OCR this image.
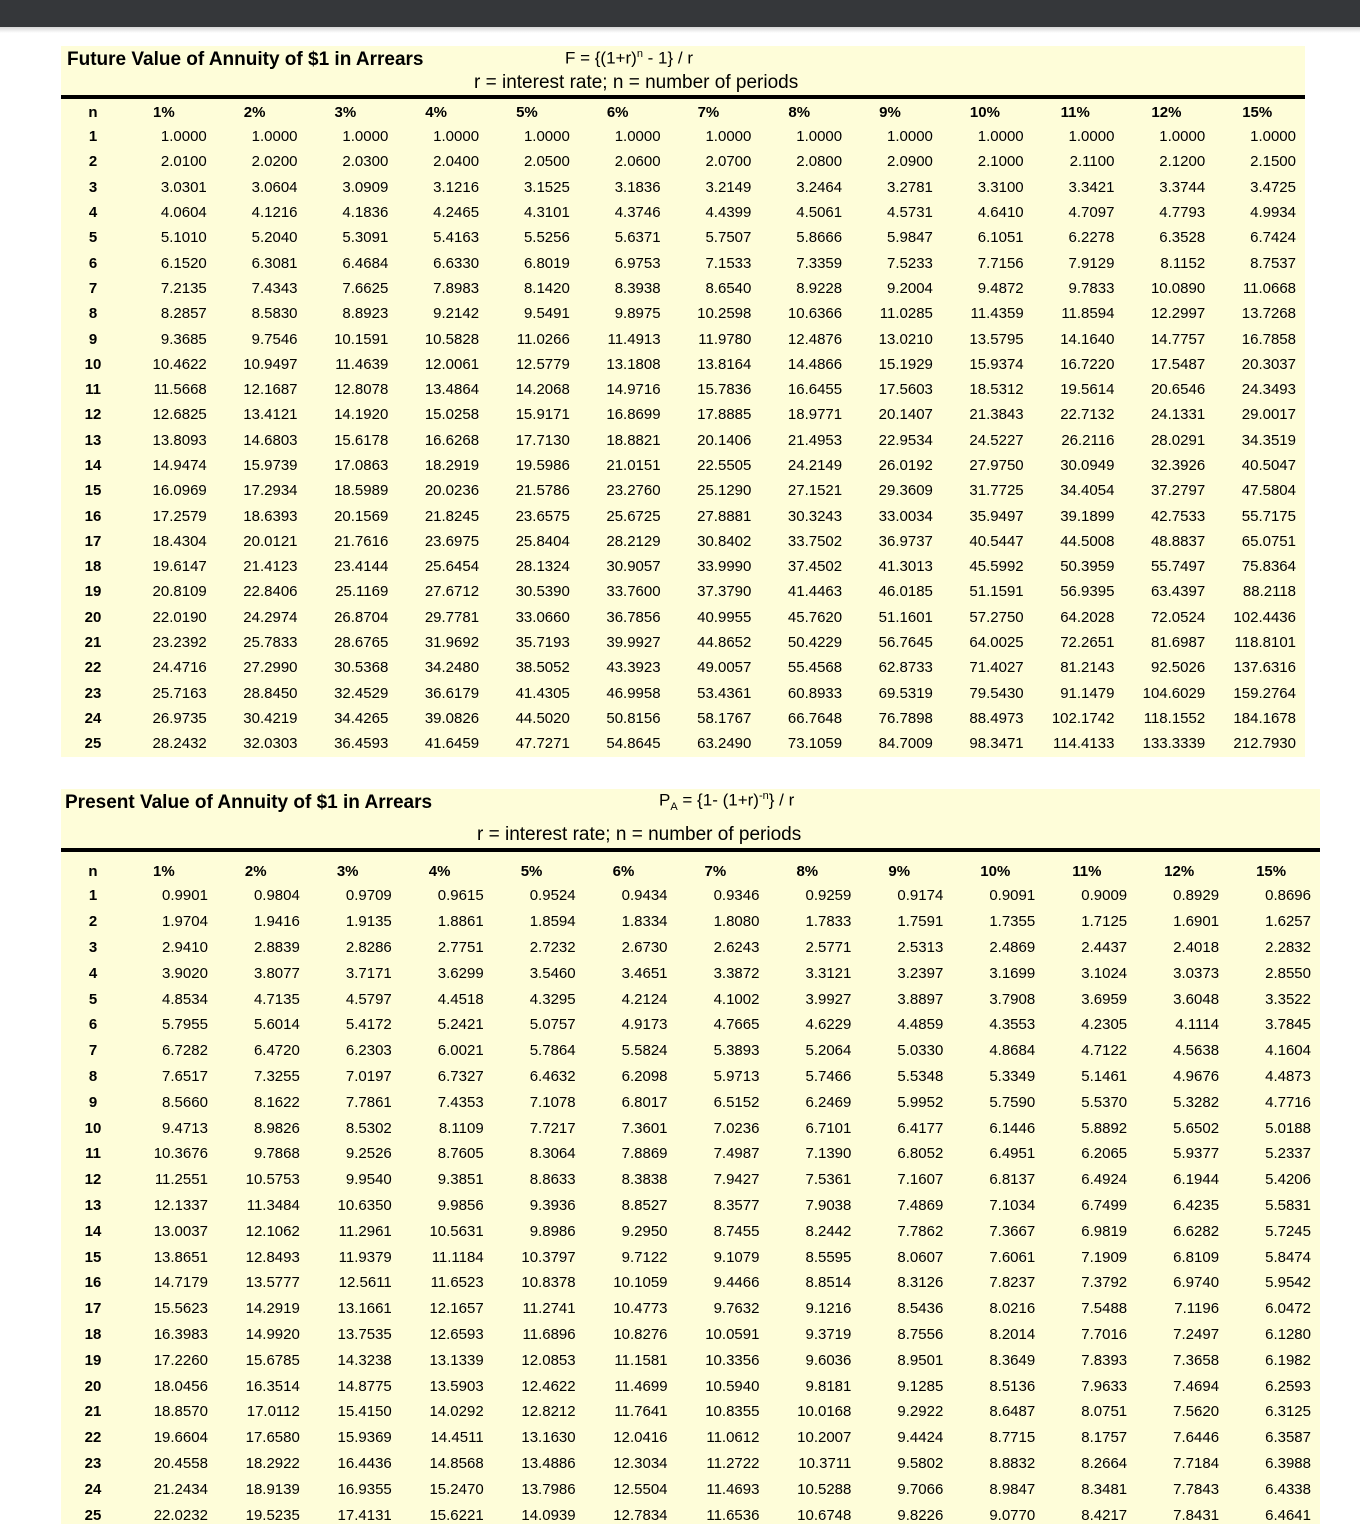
Future Value of Annuity of $1 in Arrears	$F = \{(1+r)^n - 1\} / r$
r = interest rate; n = number of periods
n	1%	2%	3%	4%	5%	6%	7%	8%	9%	10%	11%	12%	15%
1	1.0000	1.0000	1.0000	1.0000	1.0000	1.0000	1.0000	1.0000	1.0000	1.0000	1.0000	1.0000	1.0000
2	2.0100	2.0200	2.0300	2.0400	2.0500	2.0600	2.0700	2.0800	2.0900	2.1000	2.1100	2.1200	2.1500
3	3.0301	3.0604	3.0909	3.1216	3.1525	3.1836	3.2149	3.2464	3.2781	3.3100	3.3421	3.3744	3.4725
4	4.0604	4.1216	4.1836	4.2465	4.3101	4.3746	4.4399	4.5061	4.5731	4.6410	4.7097	4.7793	4.9934
5	5.1010	5.2040	5.3091	5.4163	5.5256	5.6371	5.7507	5.8666	5.9847	6.1051	6.2278	6.3528	6.7424
6	6.1520	6.3081	6.4684	6.6330	6.8019	6.9753	7.1533	7.3359	7.5233	7.7156	7.9129	8.1152	8.7537
7	7.2135	7.4343	7.6625	7.8983	8.1420	8.3938	8.6540	8.9228	9.2004	9.4872	9.7833	10.0890	11.0668
8	8.2857	8.5830	8.8923	9.2142	9.5491	9.8975	10.2598	10.6366	11.0285	11.4359	11.8594	12.2997	13.7268
9	9.3685	9.7546	10.1591	10.5828	11.0266	11.4913	11.9780	12.4876	13.0210	13.5795	14.1640	14.7757	16.7858
10	10.4622	10.9497	11.4639	12.0061	12.5779	13.1808	13.8164	14.4866	15.1929	15.9374	16.7220	17.5487	20.3037
11	11.5668	12.1687	12.8078	13.4864	14.2068	14.9716	15.7836	16.6455	17.5603	18.5312	19.5614	20.6546	24.3493
12	12.6825	13.4121	14.1920	15.0258	15.9171	16.8699	17.8885	18.9771	20.1407	21.3843	22.7132	24.1331	29.0017
13	13.8093	14.6803	15.6178	16.6268	17.7130	18.8821	20.1406	21.4953	22.9534	24.5227	26.2116	28.0291	34.3519
14	14.9474	15.9739	17.0863	18.2919	19.5986	21.0151	22.5505	24.2149	26.0192	27.9750	30.0949	32.3926	40.5047
15	16.0969	17.2934	18.5989	20.0236	21.5786	23.2760	25.1290	27.1521	29.3609	31.7725	34.4054	37.2797	47.5804
16	17.2579	18.6393	20.1569	21.8245	23.6575	25.6725	27.8881	30.3243	33.0034	35.9497	39.1899	42.7533	55.7175
17	18.4304	20.0121	21.7616	23.6975	25.8404	28.2129	30.8402	33.7502	36.9737	40.5447	44.5008	48.8837	65.0751
18	19.6147	21.4123	23.4144	25.6454	28.1324	30.9057	33.9990	37.4502	41.3013	45.5992	50.3959	55.7497	75.8364
19	20.8109	22.8406	25.1169	27.6712	30.5390	33.7600	37.3790	41.4463	46.0185	51.1591	56.9395	63.4397	88.2118
20	22.0190	24.2974	26.8704	29.7781	33.0660	36.7856	40.9955	45.7620	51.1601	57.2750	64.2028	72.0524	102.4436
21	23.2392	25.7833	28.6765	31.9692	35.7193	39.9927	44.8652	50.4229	56.7645	64.0025	72.2651	81.6987	118.8101
22	24.4716	27.2990	30.5368	34.2480	38.5052	43.3923	49.0057	55.4568	62.8733	71.4027	81.2143	92.5026	137.6316
23	25.7163	28.8450	32.4529	36.6179	41.4305	46.9958	53.4361	60.8933	69.5319	79.5430	91.1479	104.6029	159.2764
24	26.9735	30.4219	34.4265	39.0826	44.5020	50.8156	58.1767	66.7648	76.7898	88.4973	102.1742	118.1552	184.1678
25	28.2432	32.0303	36.4593	41.6459	47.7271	54.8645	63.2490	73.1059	84.7009	98.3471	114.4133	133.3339	212.7930
Present Value of Annuity of $1 in Arrears	$P_A = \{1-$ $(1+r)^{-n}\} / r$
r = interest rate; n = number of periods
n	1%	2%	3%	4%	5%	6%	7%	8%	9%	10%	11%	12%	15%
1	0.9901	0.9804	0.9709	0.9615	0.9524	0.9434	0.9346	0.9259	0.9174	0.9091	0.9009	0.8929	0.8696
2	1.9704	1.9416	1.9135	1.8861	1.8594	1.8334	1.8080	1.7833	1.7591	1.7355	1.7125	1.6901	1.6257
3	2.9410	2.8839	2.8286	2.7751	2.7232	2.6730	2.6243	2.5771	2.5313	2.4869	2.4437	2.4018	2.2832
4	3.9020	3.8077	3.7171	3.6299	3.5460	3.4651	3.3872	3.3121	3.2397	3.1699	3.1024	3.0373	2.8550
5	4.8534	4.7135	4.5797	4.4518	4.3295	4.2124	4.1002	3.9927	3.8897	3.7908	3.6959	3.6048	3.3522
6	5.7955	5.6014	5.4172	5.2421	5.0757	4.9173	4.7665	4.6229	4.4859	4.3553	4.2305	4.1114	3.7845
7	6.7282	6.4720	6.2303	6.0021	5.7864	5.5824	5.3893	5.2064	5.0330	4.8684	4.7122	4.5638	4.1604
8	7.6517	7.3255	7.0197	6.7327	6.4632	6.2098	5.9713	5.7466	5.5348	5.3349	5.1461	4.9676	4.4873
9	8.5660	8.1622	7.7861	7.4353	7.1078	6.8017	6.5152	6.2469	5.9952	5.7590	5.5370	5.3282	4.7716
10	9.4713	8.9826	8.5302	8.1109	7.7217	7.3601	7.0236	6.7101	6.4177	6.1446	5.8892	5.6502	5.0188
11	10.3676	9.7868	9.2526	8.7605	8.3064	7.8869	7.4987	7.1390	6.8052	6.4951	6.2065	5.9377	5.2337
12	11.2551	10.5753	9.9540	9.3851	8.8633	8.3838	7.9427	7.5361	7.1607	6.8137	6.4924	6.1944	5.4206
13	12.1337	11.3484	10.6350	9.9856	9.3936	8.8527	8.3577	7.9038	7.4869	7.1034	6.7499	6.4235	5.5831
14	13.0037	12.1062	11.2961	10.5631	9.8986	9.2950	8.7455	8.2442	7.7862	7.3667	6.9819	6.6282	5.7245
15	13.8651	12.8493	11.9379	11.1184	10.3797	9.7122	9.1079	8.5595	8.0607	7.6061	7.1909	6.8109	5.8474
16	14.7179	13.5777	12.5611	11.6523	10.8378	10.1059	9.4466	8.8514	8.3126	7.8237	7.3792	6.9740	5.9542
17	15.5623	14.2919	13.1661	12.1657	11.2741	10.4773	9.7632	9.1216	8.5436	8.0216	7.5488	7.1196	6.0472
18	16.3983	14.9920	13.7535	12.6593	11.6896	10.8276	10.0591	9.3719	8.7556	8.2014	7.7016	7.2497	6.1280
19	17.2260	15.6785	14.3238	13.1339	12.0853	11.1581	10.3356	9.6036	8.9501	8.3649	7.8393	7.3658	6.1982
20	18.0456	16.3514	14.8775	13.5903	12.4622	11.4699	10.5940	9.8181	9.1285	8.5136	7.9633	7.4694	6.2593
21	18.8570	17.0112	15.4150	14.0292	12.8212	11.7641	10.8355	10.0168	9.2922	8.6487	8.0751	7.5620	6.3125
22	19.6604	17.6580	15.9369	14.4511	13.1630	12.0416	11.0612	10.2007	9.4424	8.7715	8.1757	7.6446	6.3587
23	20.4558	18.2922	16.4436	14.8568	13.4886	12.3034	11.2722	10.3711	9.5802	8.8832	8.2664	7.7184	6.3988
24	21.2434	18.9139	16.9355	15.2470	13.7986	12.5504	11.4693	10.5288	9.7066	8.9847	8.3481	7.7843	6.4338
25	22.0232	19.5235	17.4131	15.6221	14.0939	12.7834	11.6536	10.6748	9.8226	9.0770	8.4217	7.8431	6.4641
